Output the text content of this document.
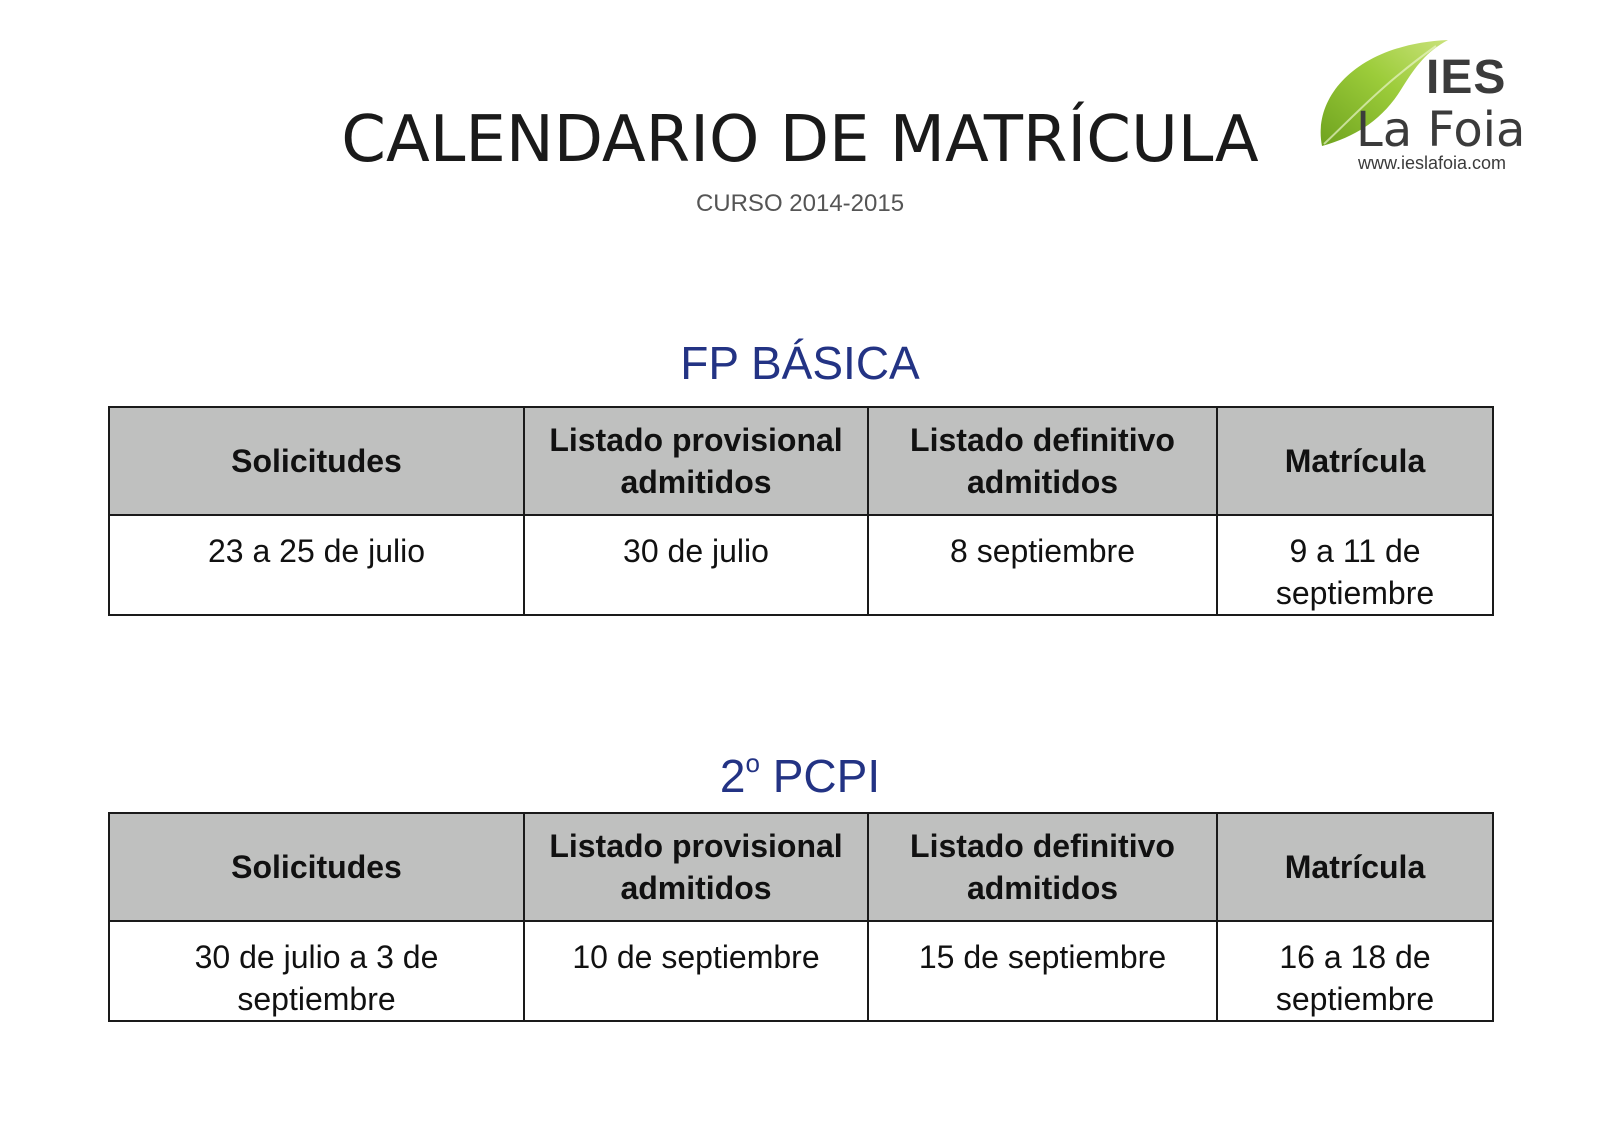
CALENDARIO DE MATRÍCULA
CURSO 2014-2015
IES
La Foia
www.ieslafoia.com
FP BÁSICA
Solicitudes	Listado provisional admitidos	Listado definitivo admitidos	Matrícula
23 a 25 de julio	30 de julio	8 septiembre	9 a 11 de septiembre
2$^o$ PCPI
Solicitudes	Listado provisional admitidos	Listado definitivo admitidos	Matrícula
30 de julio a 3 de septiembre	10 de septiembre	15 de septiembre	16 a 18 de septiembre
